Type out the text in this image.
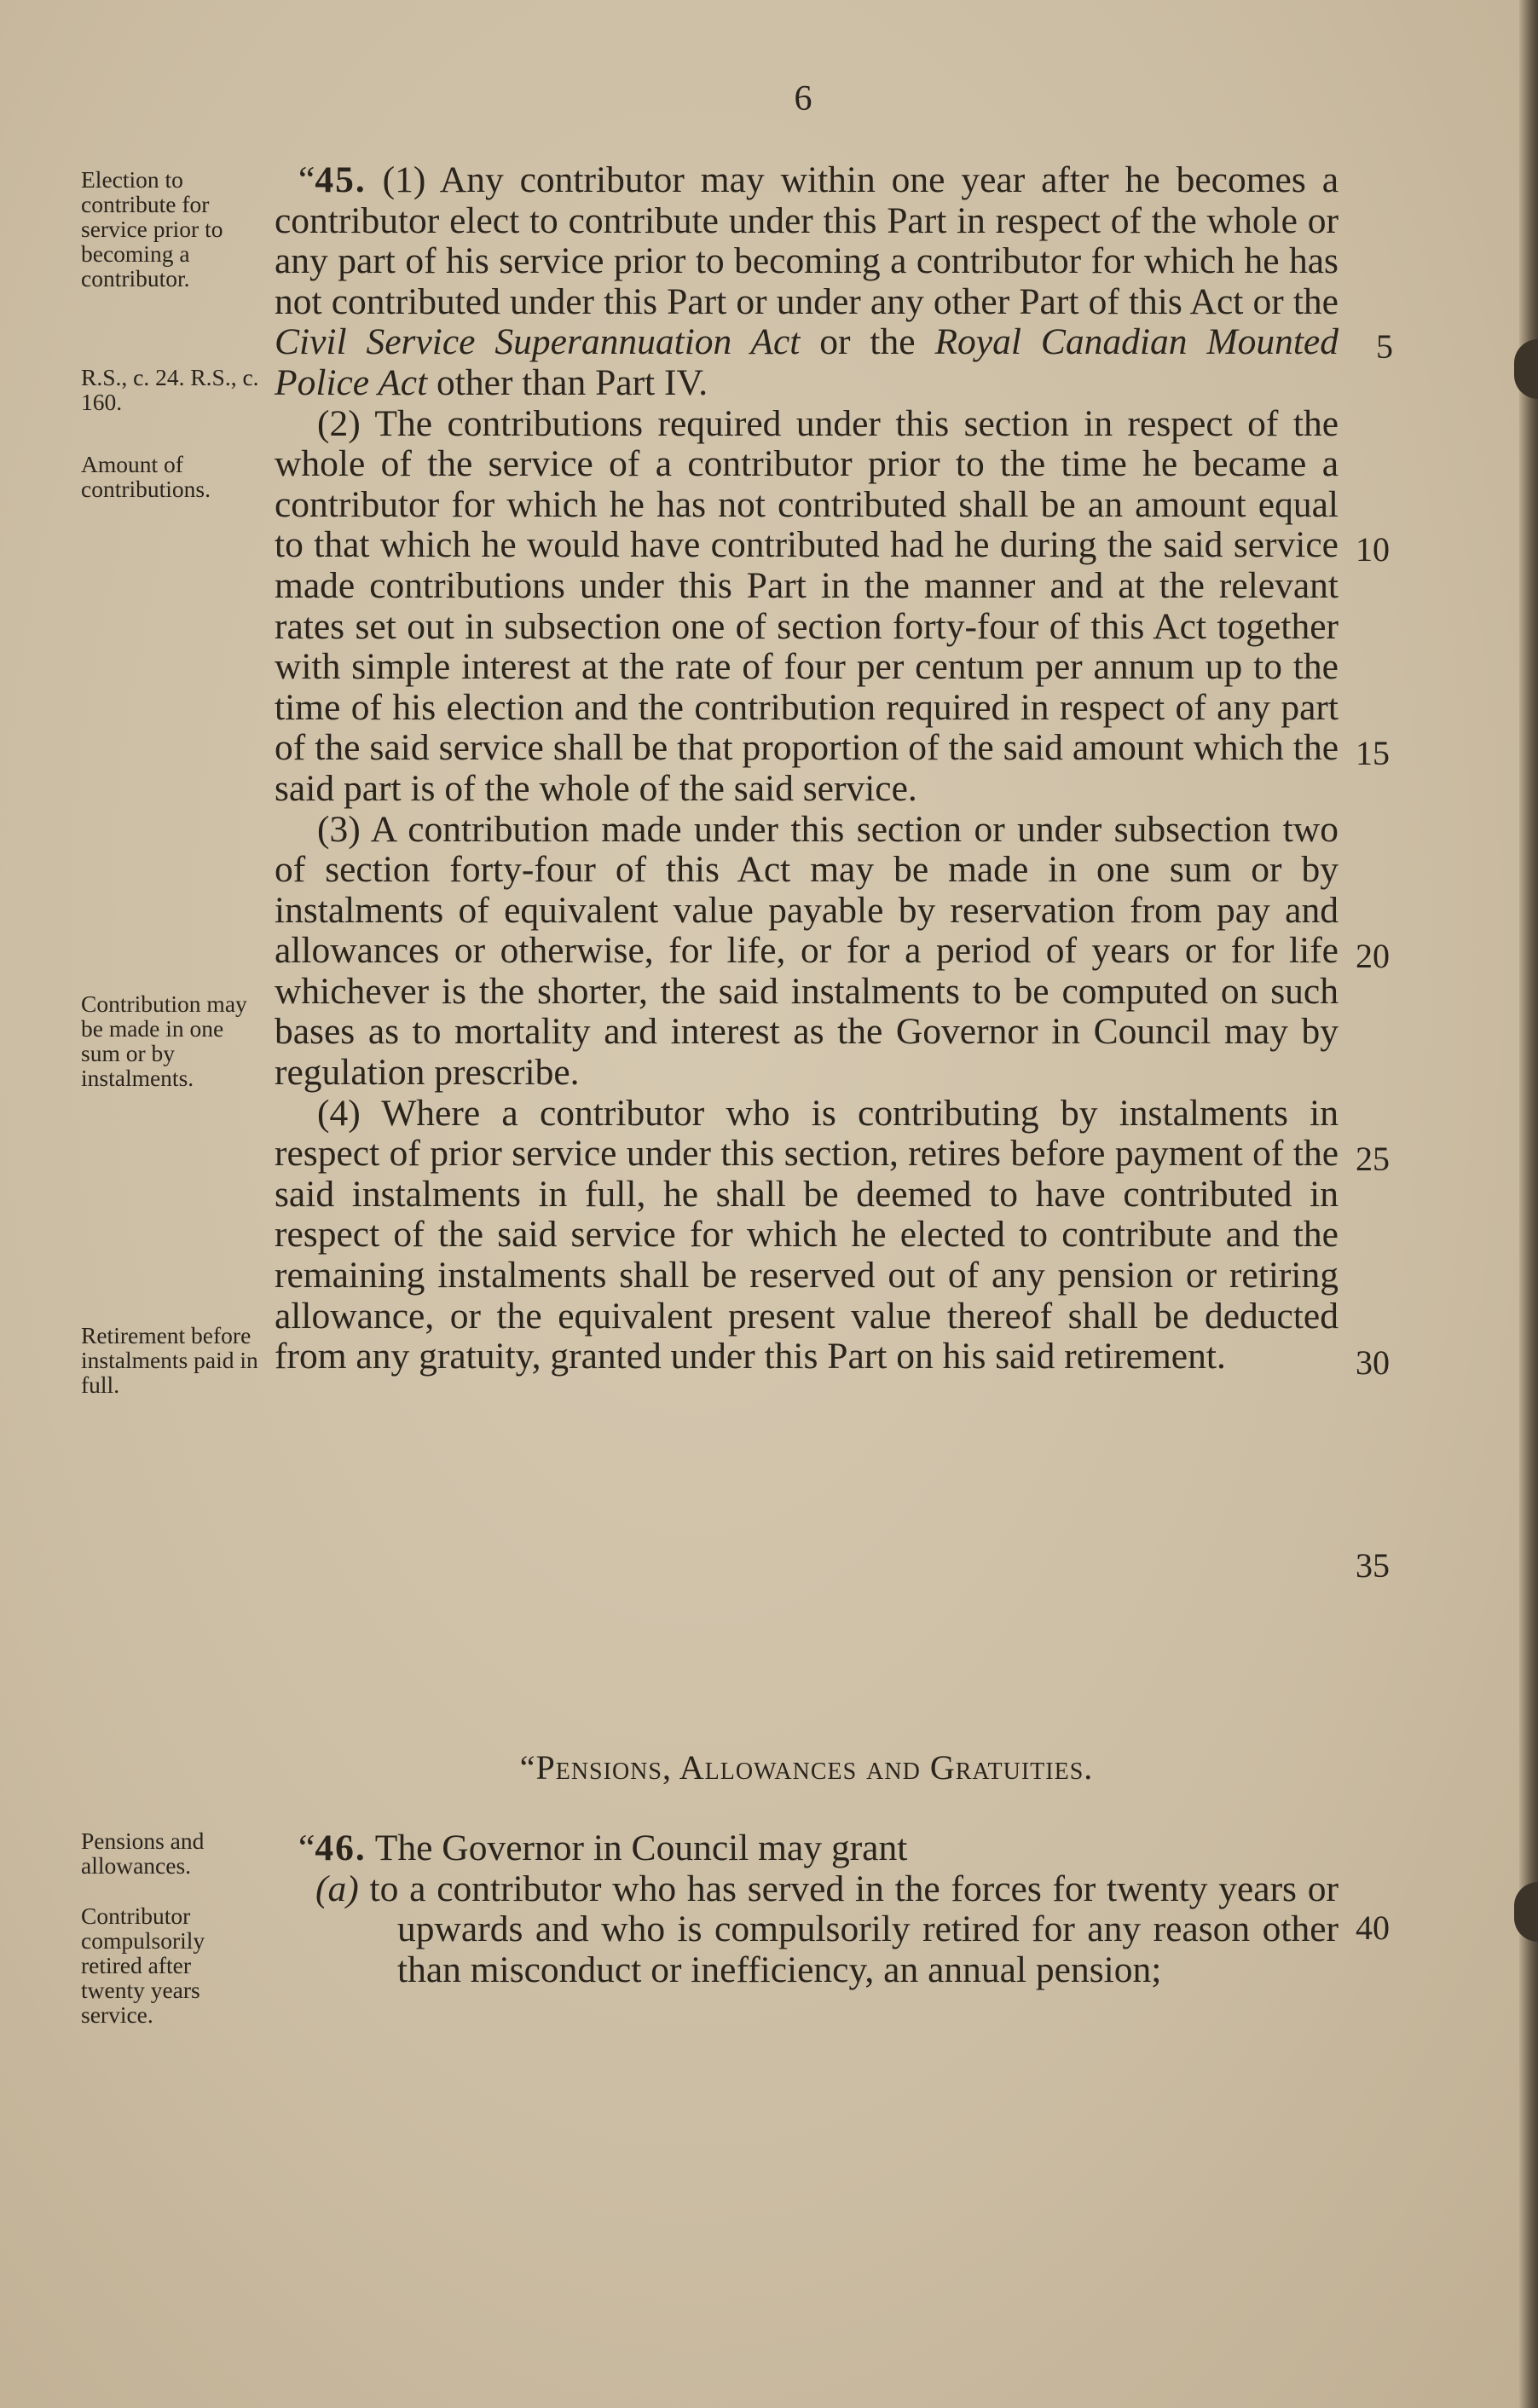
6
Election to contribute for service prior to becoming a contributor.
R.S., c. 24. R.S., c. 160.
Amount of contributions.
Contribution may be made in one sum or by instalments.
Retirement before instalments paid in full.
Pensions and allowances.
Contributor compulsorily retired after twenty years service.

“45. (1) Any contributor may within one year after he becomes a contributor elect to contribute under this Part in respect of the whole or any part of his service prior to becoming a contributor for which he has not contributed under this Part or under any other Part of this Act or the Civil Service Superannuation Act or the Royal Canadian Mounted Police Act other than Part IV.

(2) The contributions required under this section in respect of the whole of the service of a contributor prior to the time he became a contributor for which he has not contributed shall be an amount equal to that which he would have contributed had he during the said service made contributions under this Part in the manner and at the relevant rates set out in subsection one of section forty-four of this Act together with simple interest at the rate of four per centum per annum up to the time of his election and the contribution required in respect of any part of the said service shall be that proportion of the said amount which the said part is of the whole of the said service.

(3) A contribution made under this section or under subsection two of section forty-four of this Act may be made in one sum or by instalments of equivalent value payable by reservation from pay and allowances or otherwise, for life, or for a period of years or for life whichever is the shorter, the said instalments to be computed on such bases as to mortality and interest as the Governor in Council may by regulation prescribe.

(4) Where a contributor who is contributing by instalments in respect of prior service under this section, retires before payment of the said instalments in full, he shall be deemed to have contributed in respect of the said service for which he elected to contribute and the remaining instalments shall be reserved out of any pension or retiring allowance, or the equivalent present value thereof shall be deducted from any gratuity, granted under this Part on his said retirement.

“Pensions, Allowances and Gratuities.

“46. The Governor in Council may grant

(a) to a contributor who has served in the forces for twenty years or upwards and who is compulsorily retired for any reason other than misconduct or inefficiency, an annual pension;

5
10
15
20
25
30
35
40
